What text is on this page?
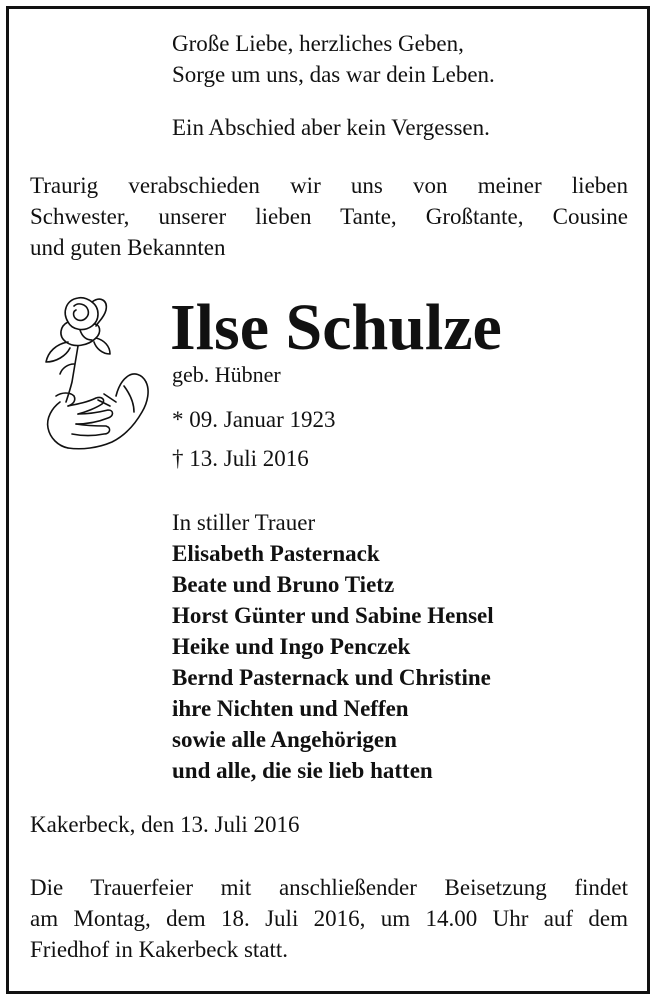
Große Liebe, herzliches Geben,
Sorge um uns, das war dein Leben.
Ein Abschied aber kein Vergessen.
Traurig verabschieden wir uns von meiner lieben
Schwester, unserer lieben Tante, Großtante, Cousine
und guten Bekannten
Ilse Schulze
geb. Hübner
* 09. Januar 1923
† 13. Juli 2016
In stiller Trauer
Elisabeth Pasternack
Beate und Bruno Tietz
Horst Günter und Sabine Hensel
Heike und Ingo Penczek
Bernd Pasternack und Christine
ihre Nichten und Neffen
sowie alle Angehörigen
und alle, die sie lieb hatten
Kakerbeck, den 13. Juli 2016
Die Trauerfeier mit anschließender Beisetzung findet
am Montag, dem 18. Juli 2016, um 14.00 Uhr auf dem
Friedhof in Kakerbeck statt.
